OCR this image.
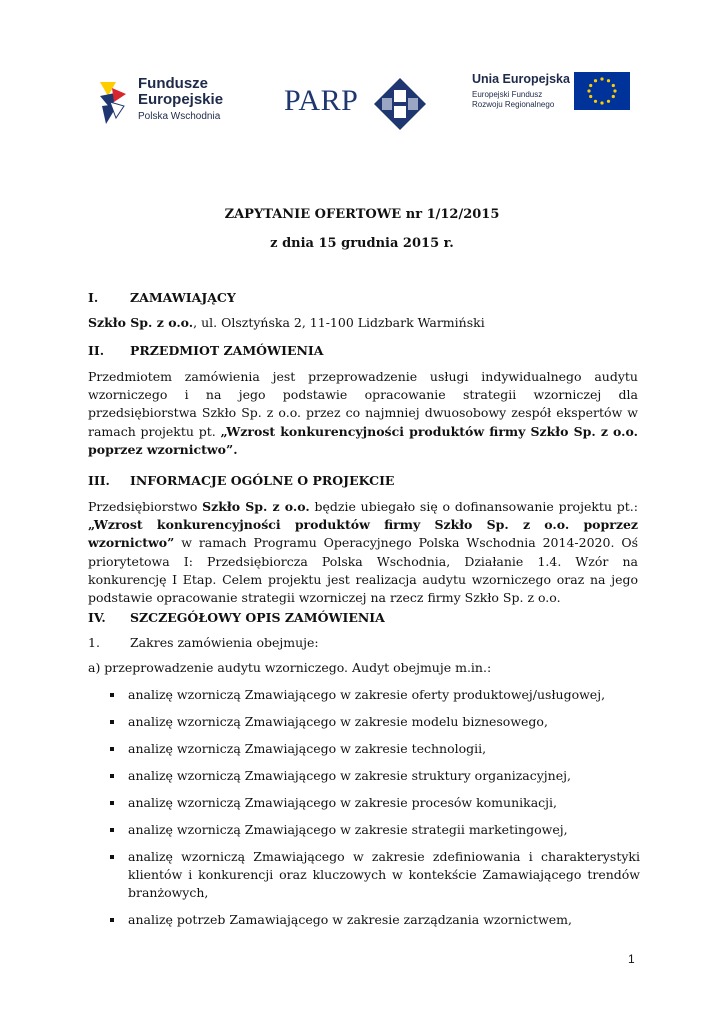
Fundusze
Europejskie
Polska Wschodnia PARP
Unia Europejska
Europejski Fundusz
Rozwoju Regionalnego
ZAPYTANIE OFERTOWE nr 1/12/2015
z dnia 15 grudnia 2015 r.
I.	ZAMAWIAJĄCY
Szkło Sp. z o.o., ul. Olsztyńska 2, 11-100 Lidzbark Warmiński
II. PRZEDMIOT ZAMÓWIENIA
Przedmiotem zamówienia jest przeprowadzenie usługi indywidualnego audytu wzorniczego i na jego podstawie opracowanie strategii wzorniczej dla przedsiębiorstwa Szkło Sp. z o.o. przez co najmniej dwuosobowy zespół ekspertów w ramach projektu pt. „Wzrost konkurencyjności produktów firmy Szkło Sp. z o.o. poprzez wzornictwo”.
III. INFORMACJE OGÓLNE O PROJEKCIE
Przedsiębiorstwo Szkło Sp. z o.o. będzie ubiegało się o dofinansowanie projektu pt.: „Wzrost konkurencyjności produktów firmy Szkło Sp. z o.o. poprzez wzornictwo” w ramach Programu Operacyjnego Polska Wschodnia 2014-2020. Oś priorytetowa I: Przedsiębiorcza Polska Wschodnia, Działanie 1.4. Wzór na konkurencję I Etap. Celem projektu jest realizacja audytu wzorniczego oraz na jego podstawie opracowanie strategii wzorniczej na rzecz firmy Szkło Sp. z o.o.
IV. SZCZEGÓŁOWY OPIS ZAMÓWIENIA
1. Zakres zamówienia obejmuje:
a) przeprowadzenie audytu wzorniczego. Audyt obejmuje m.in.:
analizę wzorniczą Zmawiającego w zakresie oferty produktowej/usługowej,
analizę wzorniczą Zmawiającego w zakresie modelu biznesowego,
analizę wzorniczą Zmawiającego w zakresie technologii,
analizę wzorniczą Zmawiającego w zakresie struktury organizacyjnej,
analizę wzorniczą Zmawiającego w zakresie procesów komunikacji,
analizę wzorniczą Zmawiającego w zakresie strategii marketingowej,
analizę wzorniczą Zmawiającego w zakresie zdefiniowania i charakterystyki klientów i konkurencji oraz kluczowych w kontekście Zamawiającego trendów branżowych,
analizę potrzeb Zamawiającego w zakresie zarządzania wzornictwem,
1
